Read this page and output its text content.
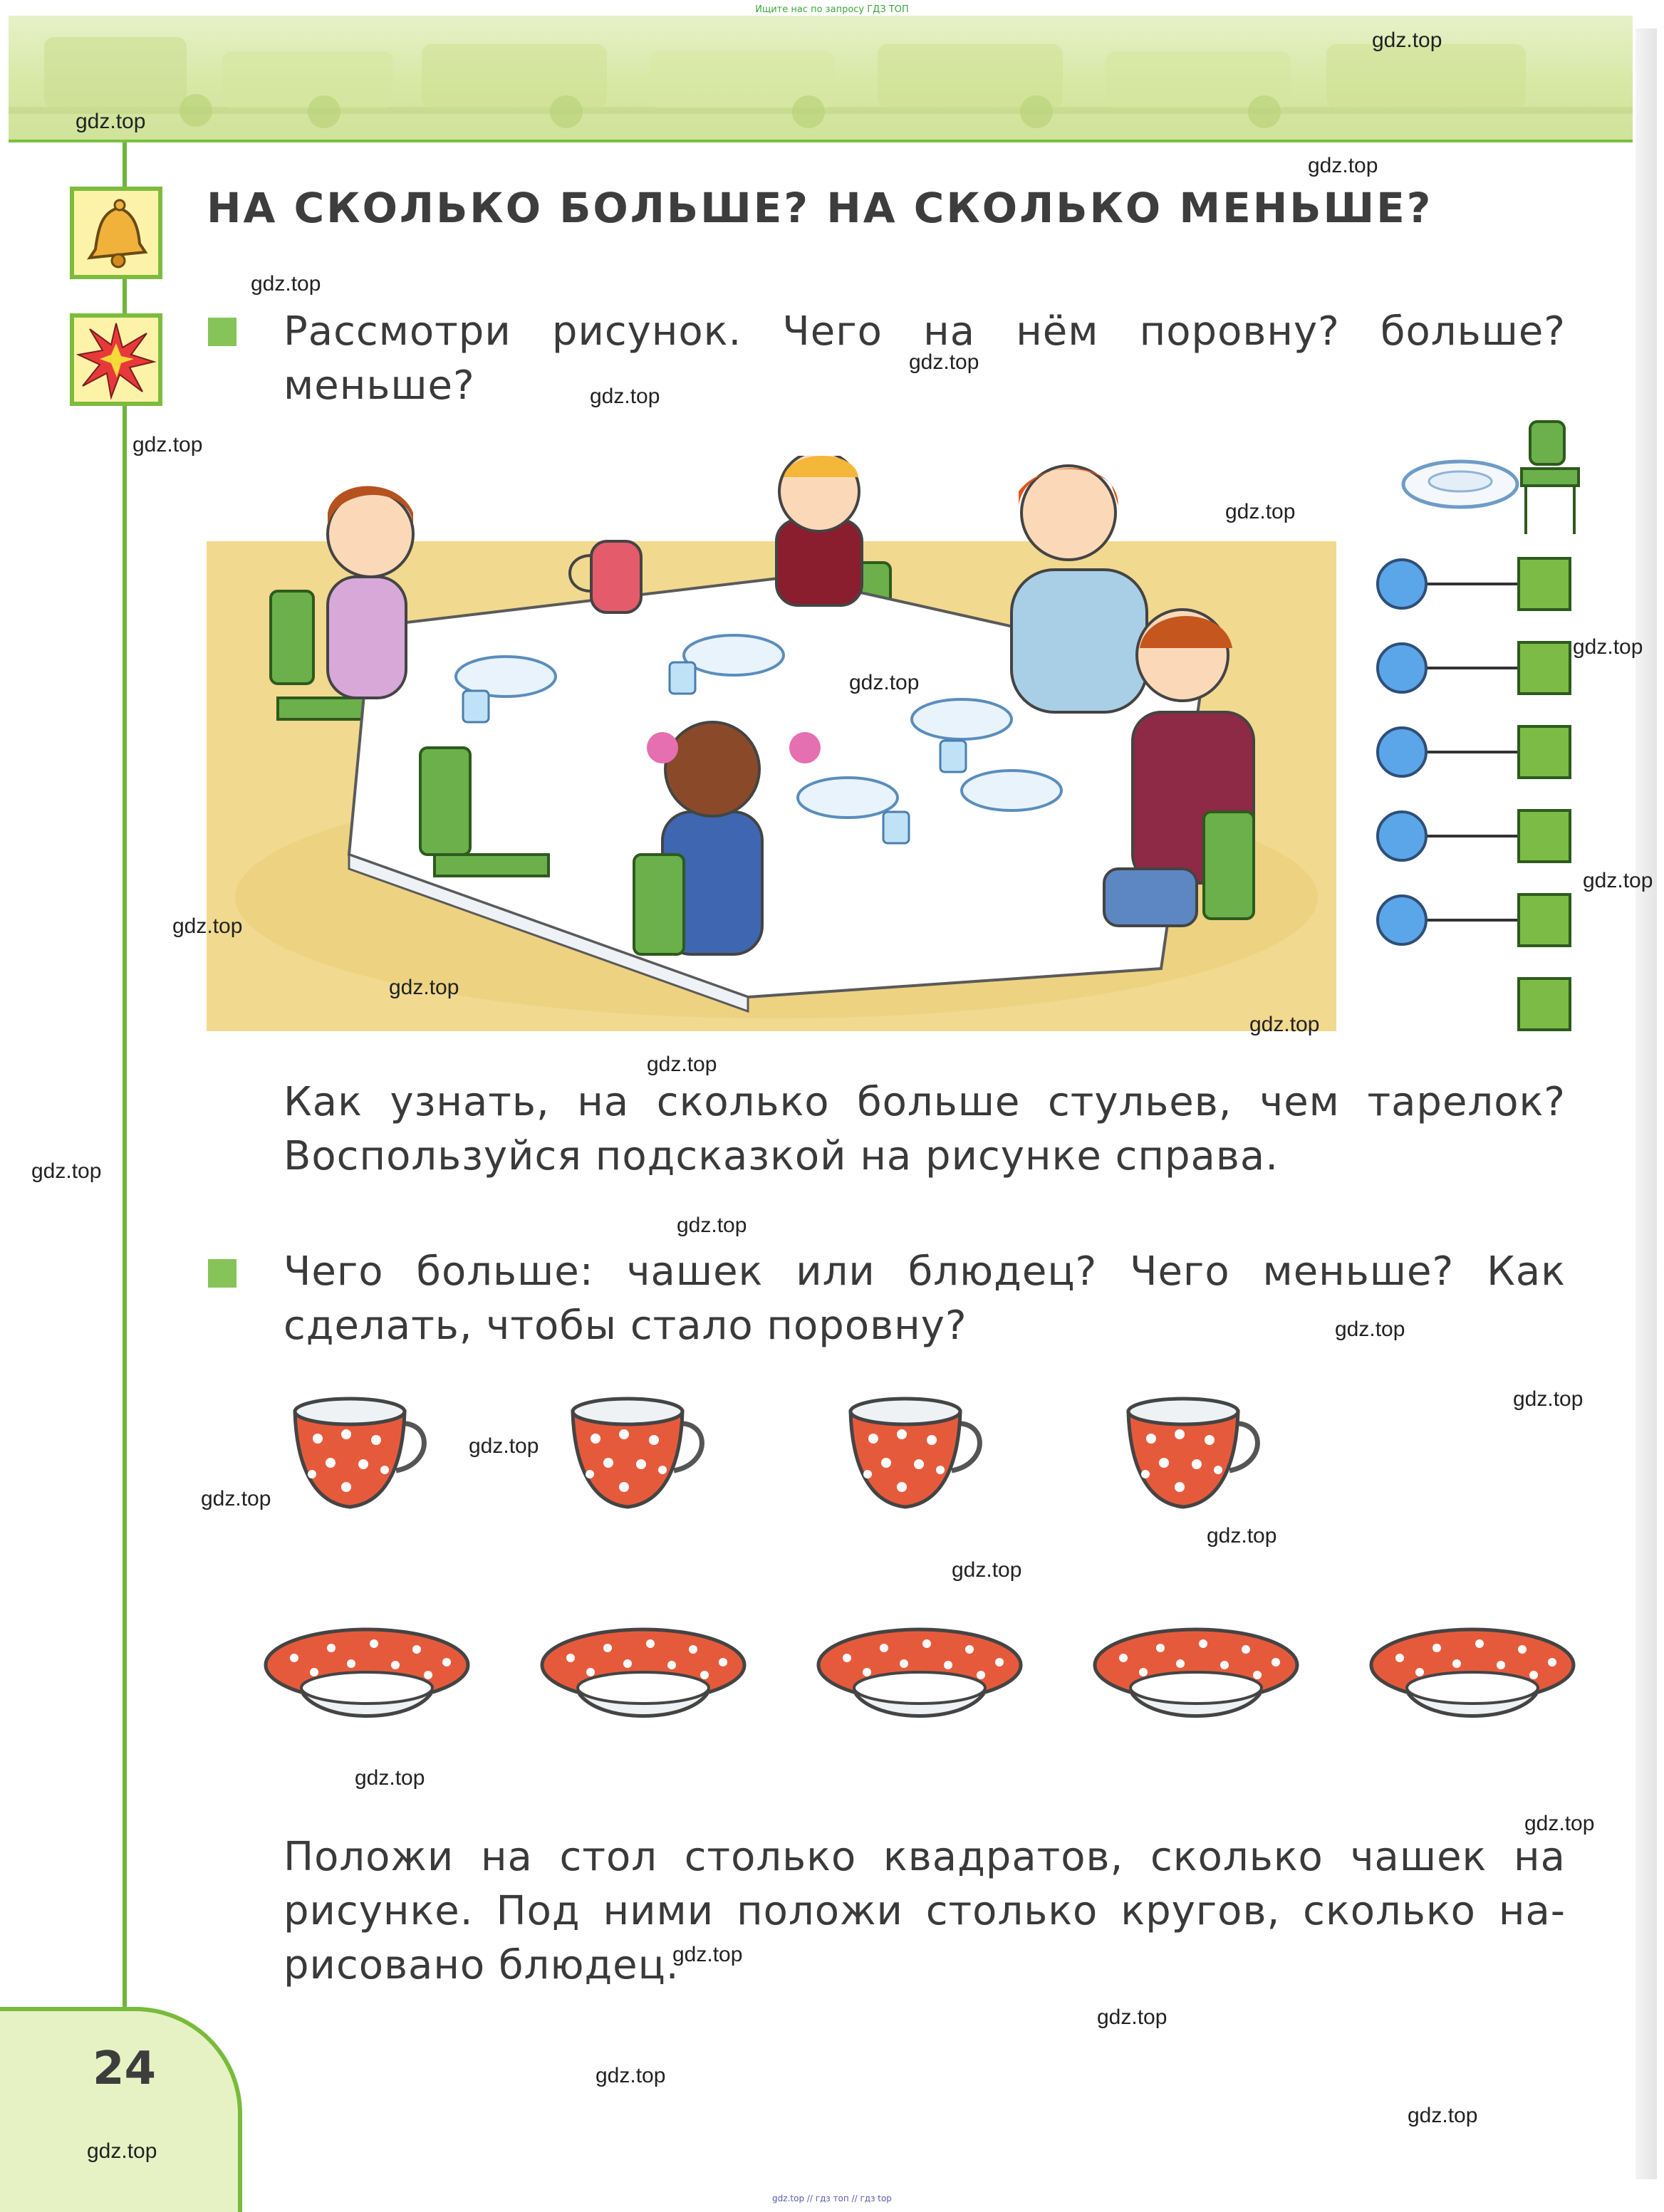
Ищите нас по запросу ГДЗ ТОП
НА СКОЛЬКО БОЛЬШЕ? НА СКОЛЬКО МЕНЬШЕ?
Рассмотри рисунок. Чего на нём поровну? больше?
меньше?
Как узнать, на сколько больше стульев, чем тарелок?
Воспользуйся подсказкой на рисунке справа.
Чего больше: чашек или блюдец? Чего меньше? Как
сделать, чтобы стало поровну?
Положи на стол столько квадратов, сколько чашек на
рисунке. Под ними положи столько кругов, сколько на-
рисовано блюдец.
24
gdz.top // гдз топ // гдз top
gdz.top
gdz.top
gdz.top
gdz.top
gdz.top
gdz.top
gdz.top
gdz.top
gdz.top
gdz.top
gdz.top
gdz.top
gdz.top
gdz.top
gdz.top
gdz.top
gdz.top
gdz.top
gdz.top
gdz.top
gdz.top
gdz.top
gdz.top
gdz.top
gdz.top
gdz.top
gdz.top
gdz.top
gdz.top
gdz.top
